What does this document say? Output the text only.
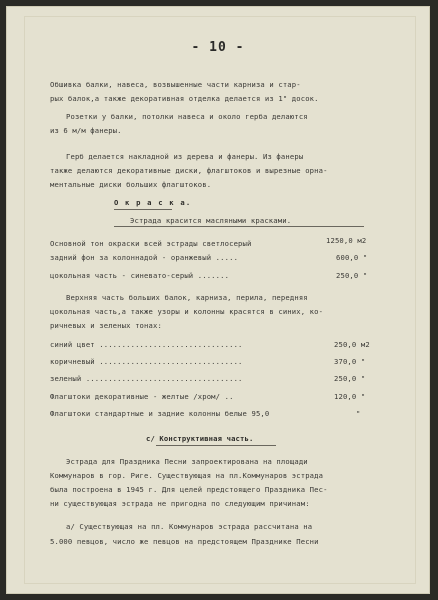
- 10 -
Обшивка балки, навеса, возвышенные части карниза и стар-
рых балок,а также декоративная отделка делается из 1" досок.
Розетки у балки, потолки навеса и около герба делаются
из 6 м/м фанеры.
Герб делается накладной из дерева и фанеры. Из фанеры
также делаются декоративные диски, флагштоков и вырезные орна-
ментальные диски больших флагштоков.
О к р а с к а.
Эстрада красится масляными красками.
Основной тон окраски всей эстрады светлосерый	1250,0 м2
задний фон за колоннадой - оранжевый .....	600,0 "
цокольная часть - синевато-серый .......	250,0 "
Верхняя часть больших балок, карниза, перила, передняя
цокольная часть,а также узоры и колонны красятся в синих, ко-
ричневых и зеленых тонах:
синий цвет ................................	250,0 м2
коричневый ................................	370,0 "
зеленый ...................................	250,0 "
Флагштоки декоративные - желтые /хром/ ..	120,0 "
Флагштоки стандартные и задние колонны белые 95,0	"
с/ Конструктивная часть.
Эстрада для Праздника Песни запроектирована на площади
Коммунаров в гор. Риге. Существующая на пл.Коммунаров эстрада
была построена в 1945 г. Для целей предстоящего Праздника Пес-
ни существующая эстрада не пригодна по следующим причинам:
а/ Существующая на пл. Коммунаров эстрада рассчитана на
5.000 певцов, число же певцов на предстоящем Празднике Песни
